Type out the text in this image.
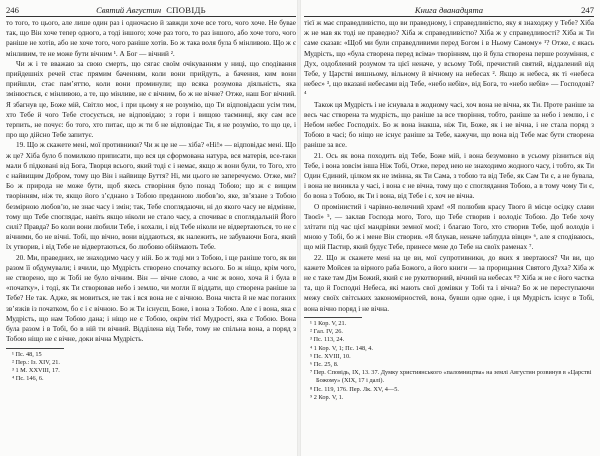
246	Святий Августин СПОВІДЬ

то того, то цього, але лише один раз і одночасно й завжди хоче все того, чого хоче. Не бувае так, що Він хоче тепер одного, а тоді іншого; хоче раз того, то раз іншого, або хоче того, чого раніше не хотів, або не хоче того, чого раніше хотів. Бо ж така воля була б мінливою. Що ж є мінливим, те не може бути вічним ¹. А Бог — вічний ².

Чи ж і те вважаю за свою смерть, що сягає своїм очікуванням у ниці, що сподівання прийдешніх речей стає прямим баченням, коли вони прийдуть, а бачення, ким вони прийшли, стає пам’яттю, коли вони проминули; що всяка розумова діяльність, яка змінюється, є мінливою, а те, що мінливе, не є вічним, бо ж не вічне? Отже, наш Бог вічний. Я збагнув це, Боже мій, Світло моє, і при цьому я не розумію, що Ти відповідаєш усім тим, хто Тебе й чого Тебе стосується, не відповідаю; з гори і вищою таємниці, яку сам все терпить, не почує: бо того, хто питає, що ж ти б не відповідає Ти, я не розумію, то що це, і про що дійсно Тебе запитує.

19. Що ж скажете мені, мої противники? Чи ж це не — хіба? «Ні!» — відповідає мені. Що ж це? Хіба було б помилкою приписати, що вся ця сформована натура, вся матерія, все-таки мали б підковані від Бога, Творця всього, який тоді є і немає, якщо ж вони були, то Того, хто є найвищим Добром, тому що Він і найвище Буття? Ні, ми цього не заперечуємо. Отже, ми? Бо ж природа не може бути, щоб якесь створіння було понад Тобою; що ж є вищим творінням, ніж те, якщо його з’єднано з Тобою преданною любов’ю, яке, зв’язане з Тобою безмірною любов’ю, не знає часу і змін; так, Тебе споглядаючи, ні до якого часу не відмінне, тому що Тебе споглядає, навіть якщо ніколи не стало часу, а спочиває в споглядальній Його силі? Правда? Бо коли вони любили Тебе, і кохали, і від Тебе ніколи не відвертаються, то не є вічними, бо не вічні. Тобі, що вічно, вони віддаються, як належить, не забуваючи Бога, який їх утворив, і від Тебе не відвертаються, бо любовю обіймають Тебе.

20. Ми, праведних, не знаходимо часу у ній. Бо ж тоді ми з Тобою, і ще раніше того, як ви разом її обдумували; і вчили, що Мудрість створено спочатку всього. Бо ж ніщо, крім чого, не створено, що ж Тобі не було вічним. Він — вічне слово, а чиє ж воно, хоча й і була в «початку», і тоді, як Ти створював небо і землю, чи могли її віддати, що створена раніше за Тебе? Не так. Адже, як мовиться, не так і вся вона не є вічною. Вона чиста й не має поганих зв’язків із початком, бо є і є вічною. Бо ж Ти існуєш, Боже, і вона з Тобою. Але є і вона, яка є Мудрість, що нам Тобою дана; і ніщо не є Тобою, окрім тієї Мудрості, яка є Тобою. Вона була разом і в Тобі, бо в ній ти вічний. Відділена від Тебе, тому не спільна вона, а поряд з Тобою ніщо не є вічне, доки вічна Мудрість.

¹ Пс. 48, 15
² Пер.: Із. XIV, 21.
³ 1 М. XXVIII, 17.
⁴ Пс. 146, 6.
Книга дванадцята	247

тієї ж має справедливістю, що ви праведному, і справедливістю, яку я знаходжу у Тебе? Хіба ж не мав як тоді не праведно? Хіба ж справедливістю? Хіба ж у справедливості? Хіба ж Ти саме сказав: «Щоб ми були справедливими перед Богом і в Ньому Самому» ¹? Отже, є якась Мудрість, що «була створена перед всіма» творінням, що й була створена перше розуміння, є Дух, оздоблений розумом та цієї неначе, у всьому Тобі, пречистий святий, віддалений від Тебе, у Царстві вишньому, вільному й вічному на небесах ². Якщо ж небеса, як ті «небеса небес» ³, що вказані небесами від Тебе, «небо небів», від Бога, то «небо небів» — Господові? ⁴

Також ця Мудрість і не існувала в жодному часі, хоч вона не вічна, як Ти. Проте раніше за весь час створена та мудрість, що раніше за все творіння, тобто, раніше за небо і землю, і є Небом небес Господніх. Бо ж вона інакша, ніж Ти, Боже, як і не вічна, і не стала поряд з Тобою в часі; бо ніщо не існує раніше за Тебе, кажучи, що вона від Тебе має бути створена раніше за все.

21. Ось як вона походить від Тебе, Боже мій, і вона безумовно в усьому різниться від Тебе, і вона зовсім інша Ніж Тобі, Отже, перед нею не знаходимо жодного часу, і тобто, як Ти Один Єдиний, цілком як не змінна, як Ти Сама, з тобою та від Тебе, як Сам Ти є, а не бувала, і вона не виникла у часі, і вона є не вічна, тому що є споглядання Тобою, а в тому чому Ти є, бо вона з Тобою, як Ти і вона, від Тебе і є, хоч не вічна.

О промінистий і чарівно-величний храм! «Я полюбив красу Твого й місце осідку слави Твоєї» ⁵, — заклав Господа мого, Того, що Тебе створив і володіє Тобою. До Тебе хочу злітати під час цієї мандрівки земної моєї; і благаю Того, хто створив Тебе, щоб володів і мною у Тобі, бо ж і мене Він створив. «Я блукав, неначе заблудла вівця» ⁶, але я сподіваюсь, що мій Пастир, який будує Тебе, принесе мене до Тебе на своїх раменах ⁷.

22. Що ж скажете мені на це ви, мої супротивники, до яких я звертаюся? Чи ви, що кажете Мойсея за вірного раба Божого, а його книги — за прорицання Святого Духа? Хіба ж не є таке там Дім Божий, який є не рукотворний, вічний на небесах ⁸? Хіба ж не є його частка та, що й Господні Небеса, які мають свої домівки у Тобі та і вічна? Бо ж не переступаючи межу своїх світських закономірностей, вона, бувши одне одне, і ця Мудрість існує в Тобі, вона вічно поряд і не вічна.

¹ 1 Кор. V, 21.
² Гал. IV, 26.
³ Пс. 113, 24.
⁴ 1 Кор. V, 1; Пс. 148, 4.
⁵ Пс. XVIII, 10.
⁶ Пс. 25, 8.
⁷ Пер. Сповідь, IX, 13. 37. Думку християнського «паломництва» на землі Августин розвинув в «Царстві Божому» (XIX, 17 і далі).
⁸ Пс. 119, 176. Пер. Лк. XV, 4—5.
⁹ 2 Кор. V, 1.
